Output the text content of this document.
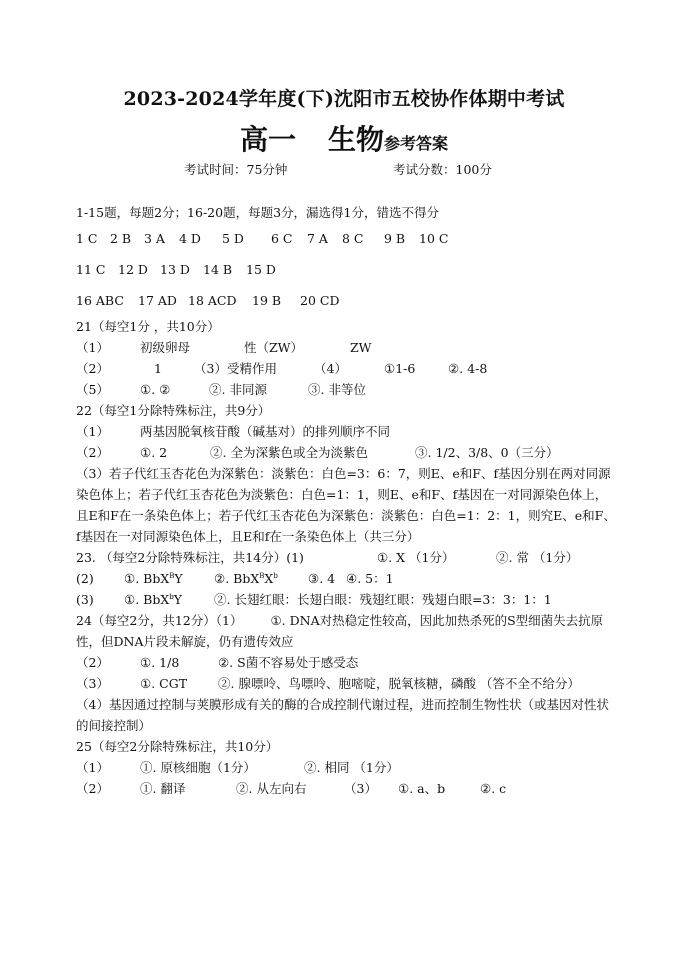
2023-2024学年度(下)沈阳市五校协作体期中考试
高一 生物参考答案
考试时间：75分钟	考试分数：100分
1-15题，每题2分；16-20题，每题3分，漏选得1分，错选不得分
1 C 2 B 3 A 4 D 5 D 6 C 7 A 8 C 9 B 10 C
11 C 12 D 13 D 14 B 15 D
16 ABC 17 AD 18 ACD 19 B 20 CD
21（每空1分 ，共10分）
（1） 初级卵母	性（ZW）	ZW
（2）	1	（3）受精作用	（4）	①1-6	②. 4-8
（5） ①. ②	②. 非同源	③. 非等位
22（每空1分除特殊标注，共9分）
（1） 两基因脱氧核苷酸（碱基对）的排列顺序不同
（2） ①. 2	②. 全为深紫色或全为淡紫色	③. 1/2、3/8、0（三分）
（3）若子代红玉杏花色为深紫色：淡紫色：白色=3：6：7，则E、e和F、f基因分别在两对同源染色体上；若子代红玉杏花色为淡紫色：白色=1：1，则E、e和F、f基因在一对同源染色体上，且E和F在一条染色体上；若子代红玉杏花色为深紫色：淡紫色：白色=1：2：1，则究E、e和F、f基因在一对同源染色体上，且E和f在一条染色体上（共三分）
23. （每空2分除特殊标注，共14分）(1)	①. X （1分）	②. 常 （1分）
(2) ①. BbX$^B$Y	②. $BbX^BX^b$ ③. 4 ④. 5：1
(3) ①. BbX$^b$Y	②. 长翅红眼：长翅白眼：残翅红眼：残翅白眼=3：3：1：1
24（每空2分，共12分）（1） ①. DNA对热稳定性较高，因此加热杀死的S型细菌失去抗原性，但DNA片段未解旋，仍有遗传效应
（2） ①. 1/8	②. S菌不容易处于感受态
（3） ①. CGT ②. 腺嘌呤、鸟嘌呤、胞嘧啶，脱氧核糖，磷酸 （答不全不给分）
（4）基因通过控制与荚膜形成有关的酶的合成控制代谢过程，进而控制生物性状（或基因对性状的间接控制）
25（每空2分除特殊标注，共10分）
（1） ①. 原核细胞（1分）	②. 相同 （1分）
（2） ①. 翻译	②. 从左向右	（3） ①. a、b	②. c
